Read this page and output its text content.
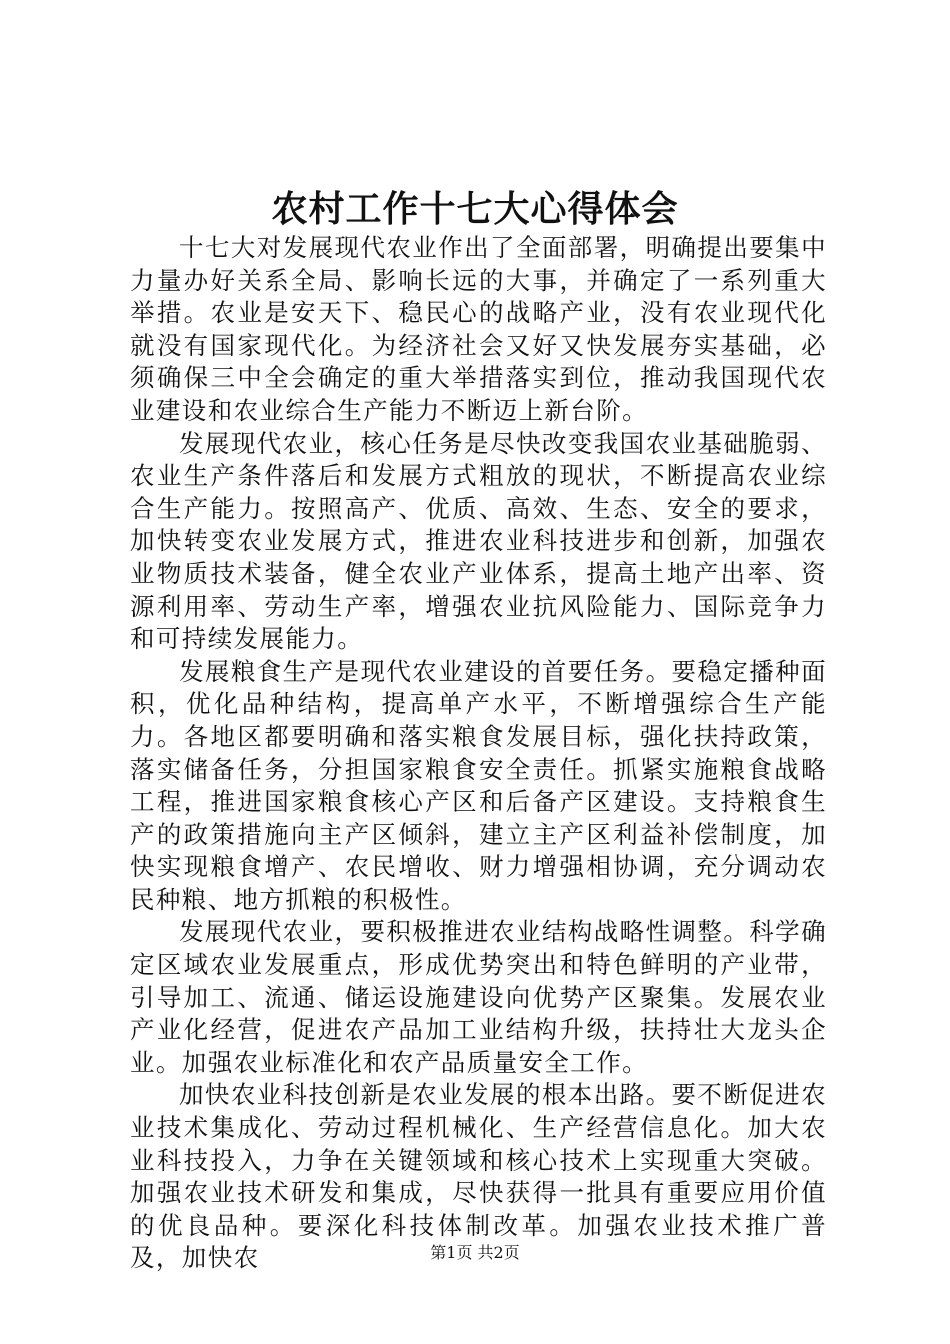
农村工作十七大心得体会

十七大对发展现代农业作出了全面部署，明确提出要集中力量办好关系全局、影响长远的大事，并确定了一系列重大举措。农业是安天下、稳民心的战略产业，没有农业现代化就没有国家现代化。为经济社会又好又快发展夯实基础，必须确保三中全会确定的重大举措落实到位，推动我国现代农业建设和农业综合生产能力不断迈上新台阶。

发展现代农业，核心任务是尽快改变我国农业基础脆弱、农业生产条件落后和发展方式粗放的现状，不断提高农业综合生产能力。按照高产、优质、高效、生态、安全的要求，加快转变农业发展方式，推进农业科技进步和创新，加强农业物质技术装备，健全农业产业体系，提高土地产出率、资源利用率、劳动生产率，增强农业抗风险能力、国际竞争力和可持续发展能力。

发展粮食生产是现代农业建设的首要任务。要稳定播种面积，优化品种结构，提高单产水平，不断增强综合生产能力。各地区都要明确和落实粮食发展目标，强化扶持政策，落实储备任务，分担国家粮食安全责任。抓紧实施粮食战略工程，推进国家粮食核心产区和后备产区建设。支持粮食生产的政策措施向主产区倾斜，建立主产区利益补偿制度，加快实现粮食增产、农民增收、财力增强相协调，充分调动农民种粮、地方抓粮的积极性。

发展现代农业，要积极推进农业结构战略性调整。科学确定区域农业发展重点，形成优势突出和特色鲜明的产业带，引导加工、流通、储运设施建设向优势产区聚集。发展农业产业化经营，促进农产品加工业结构升级，扶持壮大龙头企业。加强农业标准化和农产品质量安全工作。

加快农业科技创新是农业发展的根本出路。要不断促进农业技术集成化、劳动过程机械化、生产经营信息化。加大农业科技投入，力争在关键领域和核心技术上实现重大突破。加强农业技术研发和集成，尽快获得一批具有重要应用价值的优良品种。要深化科技体制改革。加强农业技术推广普及，加快农	第1页 共2页
